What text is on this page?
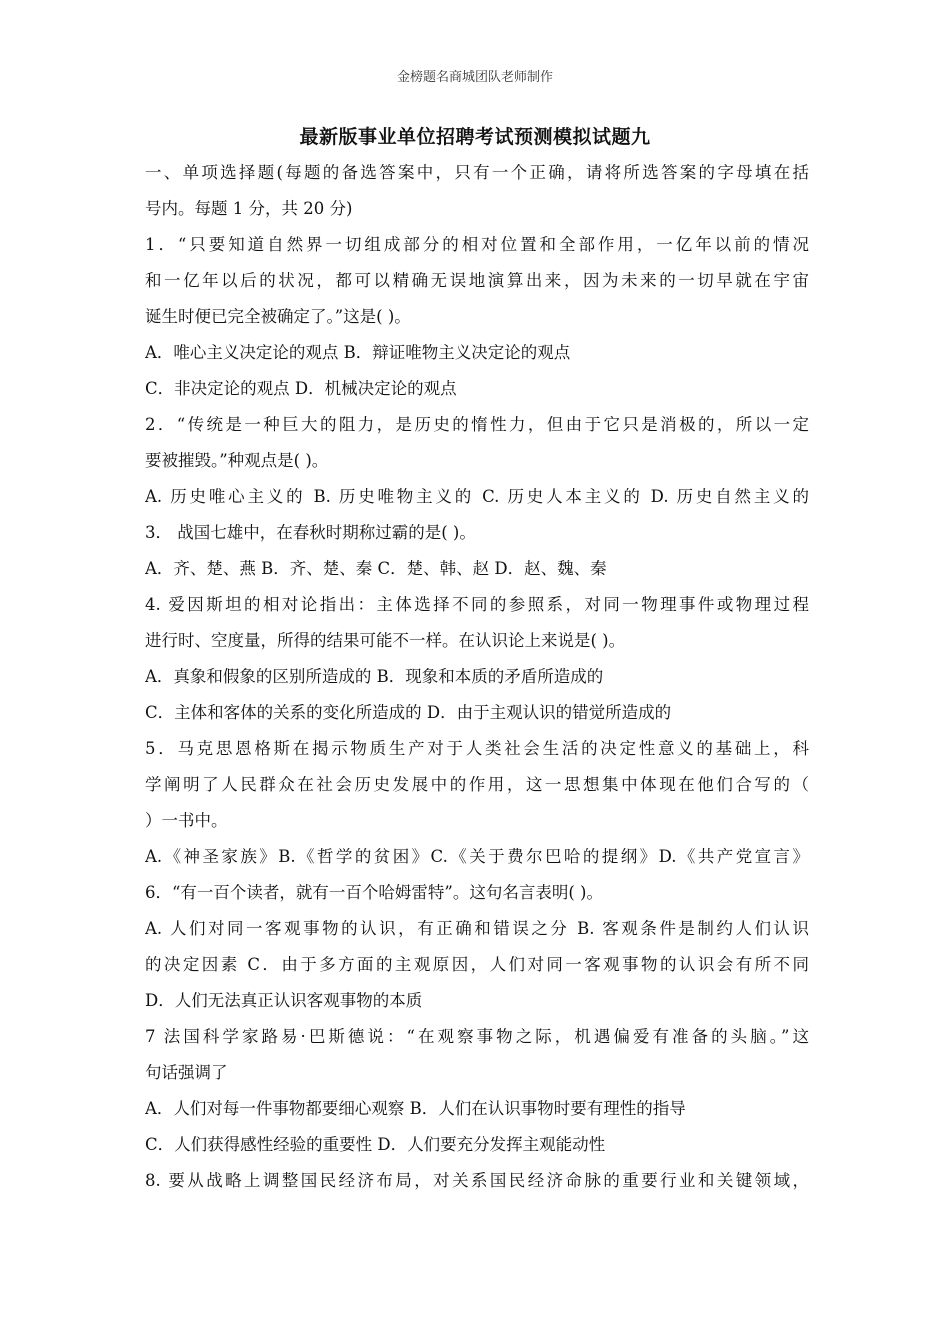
金榜题名商城团队老师制作
最新版事业单位招聘考试预测模拟试题九
一、单项选择题(每题的备选答案中，只有一个正确，请将所选答案的字母填在括
号内。每题 1 分，共 20 分)
1．“只要知道自然界一切组成部分的相对位置和全部作用，一亿年以前的情况
和一亿年以后的状况，都可以精确无误地演算出来，因为未来的一切早就在宇宙
诞生时便已完全被确定了。”这是( )。
A．唯心主义决定论的观点 B．辩证唯物主义决定论的观点
C．非决定论的观点 D．机械决定论的观点
2．“传统是一种巨大的阻力，是历史的惰性力，但由于它只是消极的，所以一定
要被摧毁。”种观点是( )。
A. 历史唯心主义的 B. 历史唯物主义的 C. 历史人本主义的 D. 历史自然主义的
3． 战国七雄中，在春秋时期称过霸的是( )。
A．齐、楚、燕 B．齐、楚、秦 C．楚、韩、赵 D．赵、魏、秦
4. 爱因斯坦的相对论指出：主体选择不同的参照系，对同一物理事件或物理过程
进行时、空度量，所得的结果可能不一样。在认识论上来说是( )。
A．真象和假象的区别所造成的 B．现象和本质的矛盾所造成的
C．主体和客体的关系的变化所造成的 D．由于主观认识的错觉所造成的
5．马克思恩格斯在揭示物质生产对于人类社会生活的决定性意义的基础上，科
学阐明了人民群众在社会历史发展中的作用，这一思想集中体现在他们合写的（
）一书中。
A.《神圣家族》B.《哲学的贫困》C.《关于费尔巴哈的提纲》D.《共产党宣言》
6．“有一百个读者，就有一百个哈姆雷特”。这句名言表明( )。
A. 人们对同一客观事物的认识，有正确和错误之分 B. 客观条件是制约人们认识
的决定因素 C．由于多方面的主观原因，人们对同一客观事物的认识会有所不同
D．人们无法真正认识客观事物的本质
7 法国科学家路易·巴斯德说：“在观察事物之际，机遇偏爱有准备的头脑。”这
句话强调了
A．人们对每一件事物都要细心观察 B．人们在认识事物时要有理性的指导
C．人们获得感性经验的重要性 D．人们要充分发挥主观能动性
8. 要从战略上调整国民经济布局，对关系国民经济命脉的重要行业和关键领域，
